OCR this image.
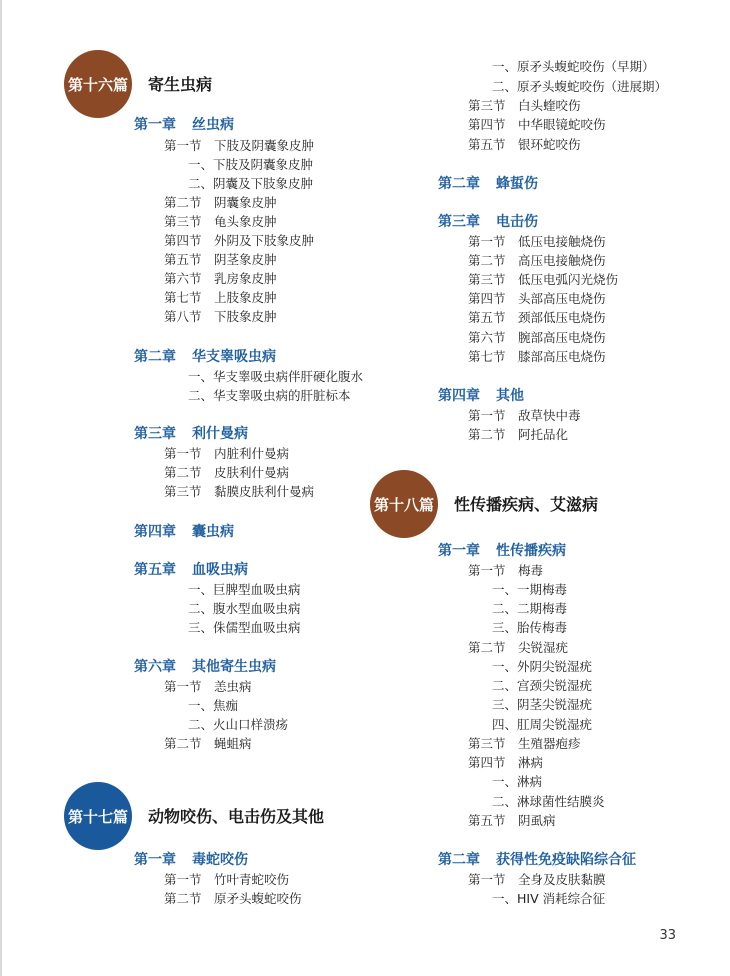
第十六篇 寄生虫病
第十七篇 动物咬伤、电击伤及其他
第十八篇 性传播疾病、艾滋病
第一章 丝虫病
第一节 下肢及阴囊象皮肿
一、下肢及阴囊象皮肿
二、阴囊及下肢象皮肿
第二节 阴囊象皮肿
第三节 龟头象皮肿
第四节 外阴及下肢象皮肿
第五节 阴茎象皮肿
第六节 乳房象皮肿
第七节 上肢象皮肿
第八节 下肢象皮肿
第二章 华支睾吸虫病
一、华支睾吸虫病伴肝硬化腹水
二、华支睾吸虫病的肝脏标本
第三章 利什曼病
第一节 内脏利什曼病
第二节 皮肤利什曼病
第三节 黏膜皮肤利什曼病
第四章 囊虫病
第五章 血吸虫病
一、巨脾型血吸虫病
二、腹水型血吸虫病
三、侏儒型血吸虫病
第六章 其他寄生虫病
第一节 恙虫病
一、焦痂
二、火山口样溃疡
第二节 蝇蛆病
第一章 毒蛇咬伤
第一节 竹叶青蛇咬伤
第二节 原矛头蝮蛇咬伤
一、原矛头蝮蛇咬伤（早期）
二、原矛头蝮蛇咬伤（进展期）
第三节 白头蝰咬伤
第四节 中华眼镜蛇咬伤
第五节 银环蛇咬伤
第二章 蜂蜇伤
第三章 电击伤
第一节 低压电接触烧伤
第二节 高压电接触烧伤
第三节 低压电弧闪光烧伤
第四节 头部高压电烧伤
第五节 颈部低压电烧伤
第六节 腕部高压电烧伤
第七节 膝部高压电烧伤
第四章 其他
第一节 敌草快中毒
第二节 阿托品化
第一章 性传播疾病
第一节 梅毒
一、一期梅毒
二、二期梅毒
三、胎传梅毒
第二节 尖锐湿疣
一、外阴尖锐湿疣
二、宫颈尖锐湿疣
三、阴茎尖锐湿疣
四、肛周尖锐湿疣
第三节 生殖器疱疹
第四节 淋病
一、淋病
二、淋球菌性结膜炎
第五节 阴虱病
第二章 获得性免疫缺陷综合征
第一节 全身及皮肤黏膜
一、HIV 消耗综合征
33
